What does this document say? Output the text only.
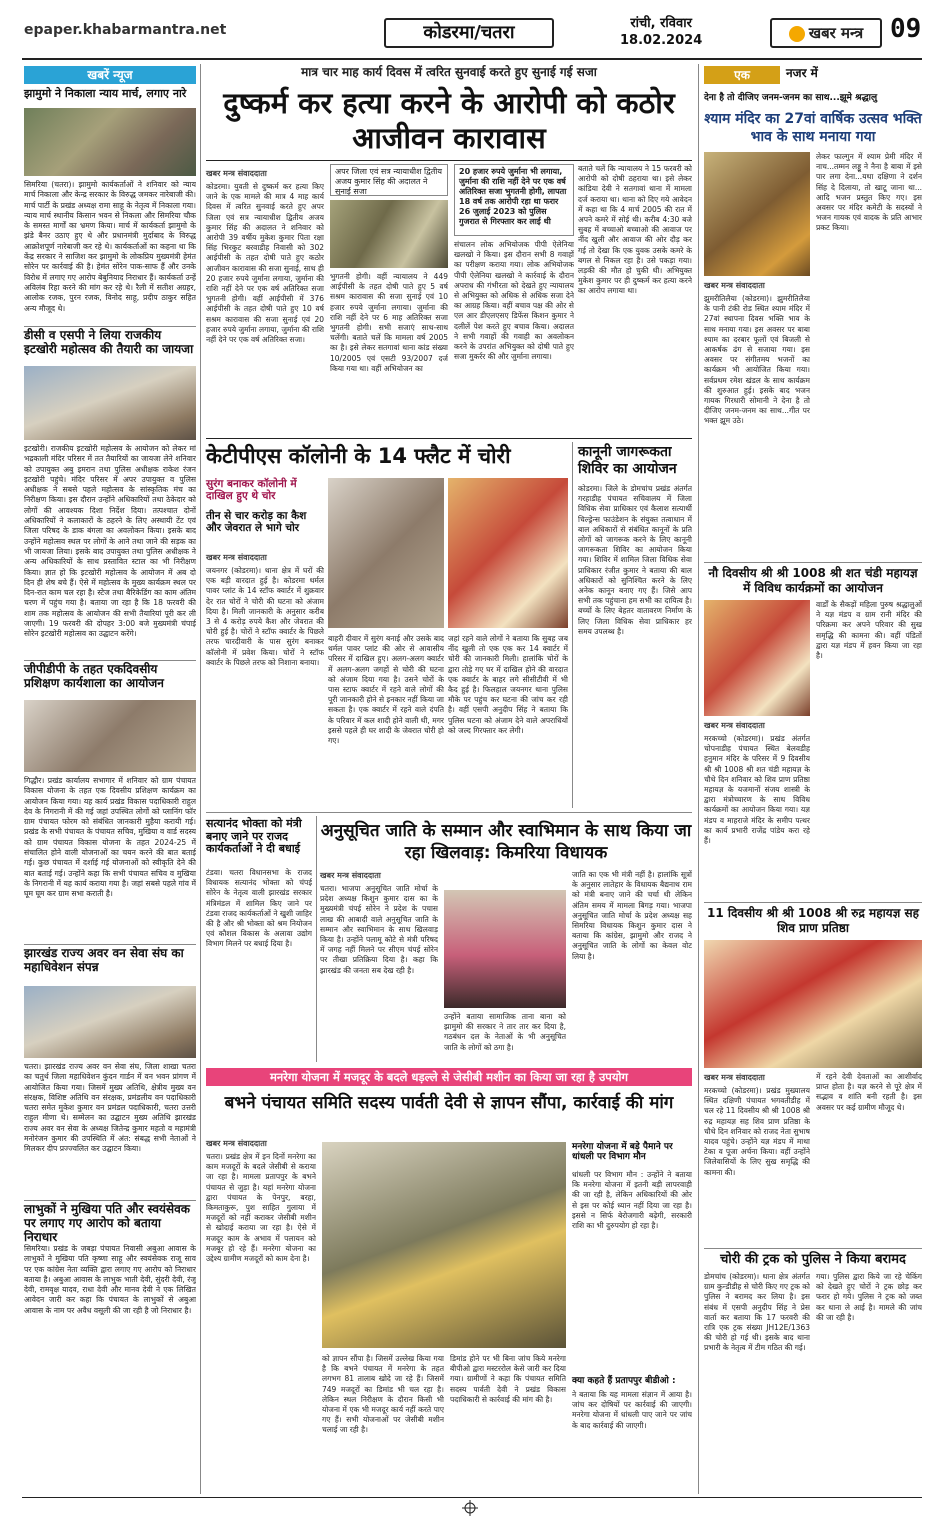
epaper.khabarmantra.net	कोडरमा/चतरा	रांची, रविवार
18.02.2024	खबर मन्त्र	09
खबरें न्यूज
झामुमो ने निकाला न्याय मार्च, लगाए नारे
सिमरिया (चतरा)। झामुमो कार्यकर्ताओं ने शनिवार को न्याय मार्च निकाला और केन्द्र सरकार के विरुद्ध जमकर नारेबाजी की। मार्च पार्टी के प्रखंड अध्यक्ष रामा साहू के नेतृत्व में निकाला गया। न्याय मार्च स्थानीय किसान भवन से निकला और सिमरिया चौक के समस्त मार्गों का भ्रमण किया। मार्च में कार्यकर्ता झामुमो के झंडे बैनर उठाए हुए थे और प्रधानमंत्री मुर्दाबाद के विरुद्ध आक्रोशपूर्ण नारेबाजी कर रहे थे। कार्यकर्ताओं का कहना था कि केंद्र सरकार ने साजिश कर झामुमो के लोकप्रिय मुख्यमंत्री हेमंत सोरेन पर कार्रवाई की है। हेमंत सोरेन पाक-साफ हैं और उनके विरोध में लगाए गए आरोप बेबुनियाद निराधार हैं। कार्यकर्ता उन्हें अविलंब रिहा करने की मांग कर रहे थे। रैली में सतीश अग्रहर, आलोक रजक, पुरन रजक, विनोद साहू, प्रदीप ठाकुर सहित अन्य मौजूद थे।
डीसी व एसपी ने लिया राजकीय इटखोरी महोत्सव की तैयारी का जायजा
इटखोरी। राजकीय इटखोरी महोत्सव के आयोजन को लेकर मां भद्रकाली मंदिर परिसर में तत तैयारियों का जायजा लेने शनिवार को उपायुक्त अबु इमरान तथा पुलिस अधीक्षक राकेश रंजन इटखोरी पहुंचे। मंदिर परिसर में अपर उपायुक्त व पुलिस अधीक्षक ने सबसे पहले महोत्सव के सांस्कृतिक मंच का निरीक्षण किया। इस दौरान उन्होंने अधिकारियों तथा ठेकेदार को लोगों की आवश्यक दिशा निर्देश दिया। तत्पश्चात दोनों अधिकारियों ने कलाकारों के ठहरने के लिए अस्थायी टेंट एवं जिला परिषद के डाक बंगला का अवलोकन किया। इसके बाद उन्होंने महोत्सव स्थल पर लोगों के आने तथा जाने की सड़क का भी जायजा लिया। इसके बाद उपायुक्त तथा पुलिस अधीक्षक ने अन्य अधिकारियों के साथ प्रस्तावित स्टाल का भी निरीक्षण किया। ज्ञात हो कि इटखोरी महोत्सव के आयोजन में अब दो दिन ही शेष बचे हैं। ऐसे में महोत्सव के मुख्य कार्यक्रम स्थल पर दिन-रात काम चल रहा है। स्टेज तथा बैरिकेडिंग का काम अंतिम चरण में पहुंच गया है। बताया जा रहा है कि 18 फरवरी की शाम तक महोत्सव के आयोजन की सभी तैयारियां पूरी कर ली जाएगी। 19 फरवरी की दोपहर 3:00 बजे मुख्यमंत्री चंपाई सोरेन इटखोरी महोत्सव का उद्घाटन करेंगे।
जीपीडीपी के तहत एकदिवसीय प्रशिक्षण कार्यशाला का आयोजन
गिद्धौर। प्रखंड कार्यालय सभागार में शनिवार को ग्राम पंचायत विकास योजना के तहत एक दिवसीय प्रशिक्षण कार्यक्रम का आयोजन किया गया। यह कार्य प्रखंड विकास पदाधिकारी राहुल देव के निगरानी में की गई जहां उपस्थित लोगों को प्लानिंग फॉर ग्राम पंचायत फोरम को संबंधित जानकारी मुहैया करायी गई। प्रखंड के सभी पंचायत के पंचायत सचिव, मुखिया व वार्ड सदस्य को ग्राम पंचायत विकास योजना के तहत 2024-25 में संचालित होने वाली योजनाओं का चयन करने की बात बताई गई। कुछ पंचायत में दर्शाई गई योजनाओं को स्वीकृति देने की बात बताई गई। उन्होंने कहा कि सभी पंचायत सचिव व मुखिया के निगरानी में यह कार्य कराया गया है। जहां सबसे पहले गांव में घूम घूम कर ग्राम सभा कराती है।
झारखंड राज्य अवर वन सेवा संघ का महाधिवेशन संपन्न
चतरा। झारखंड राज्य अवर वन सेवा संघ, जिला शाखा चतरा का चतुर्थ जिला महाधिवेशन कुंदन गार्डन में वन भवन प्रांगण में आयोजित किया गया। जिसमें मुख्य अतिथि, क्षेत्रीय मुख्य वन संरक्षक, विशिष्ट अतिथि वन संरक्षक, प्रमंडलीय वन पदाधिकारी चतरा समेत मुकेश कुमार वन प्रमंडल पदाधिकारी, चतरा उत्तरी राहुल मीणा थे। सम्मेलन का उद्घाटन मुख्य अतिथि झारखंड राज्य अवर वन सेवा के अध्यक्ष जितेन्द्र कुमार महतो व महामंत्री मनोरंजन कुमार की उपस्थिति में अंत: संबद्ध सभी नेताओं ने मिलकर दीप प्रज्ज्वलित कर उद्घाटन किया।
लाभुकों ने मुखिया पति और स्वयंसेवक पर लगाए गए आरोप को बताया निराधार
सिमरिया। प्रखंड के जबड़ा पंचायत निवासी अबुआ आवास के लाभुकों ने मुखिया पति कृष्णा साहू और स्वयंसेवक राजू साव पर एक कांग्रेस नेता व्यक्ति द्वारा लगाए गए आरोप को निराधार बताया है। अबुआ आवास के लाभुक भाती देवी, सुंदरी देवी, रंजू देवी, रामवृक्ष यादव, राधा देवी और मानव देवी ने एक लिखित आवेदन जारी कर कहा कि पंचायत के लाभुकों से अबुआ आवास के नाम पर अवैध वसूली की जा रही है जो निराधार है।
मात्र चार माह कार्य दिवस में त्वरित सुनवाई करते हुए सुनाई गई सजा
दुष्कर्म कर हत्या करने के आरोपी को कठोर आजीवन कारावास
खबर मन्त्र संवाददाता
कोडरमा। युवती से दुष्कर्म कर हत्या किए जाने के एक मामले की मात्र 4 माह कार्य दिवस में त्वरित सुनवाई करते हुए अपर जिला एवं सत्र न्यायाधीश द्वितीय अजय कुमार सिंह की अदालत ने शनिवार को आरोपी 39 वर्षीय मुकेश कुमार पिता रक्षा सिंह भिरकुट बरवाडीह निवासी को 302 आईपीसी के तहत दोषी पाते हुए कठोर आजीवन कारावास की सजा सुनाई, साथ ही 20 हजार रुपये जुर्माना लगाया, जुर्माना की राशि नहीं देने पर एक वर्ष अतिरिक्त सजा भुगतनी होगी। वहीं आईपीसी में 376 आईपीसी के तहत दोषी पाते हुए 10 वर्ष सश्रम कारावास की सजा सुनाई एवं 20 हजार रुपये जुर्माना लगाया, जुर्माना की राशि नहीं देने पर एक वर्ष अतिरिक्त सजा।
अपर जिला एवं सत्र न्यायाधीश द्वितीय अजय कुमार सिंह की अदालत ने सुनाई सजा
भुगतनी होगी। वहीं न्यायालय ने 449 आईपीसी के तहत दोषी पाते हुए 5 वर्ष सश्रम कारावास की सजा सुनाई एवं 10 हजार रुपये जुर्माना लगाया। जुर्माना की राशि नहीं देने पर 6 माह अतिरिक्त सजा भुगतनी होगी। सभी सजाएं साथ-साथ चलेंगी। बताते चलें कि मामला वर्ष 2005 का है। इसे लेकर सतगावां थाना कांड संख्या 10/2005 एवं एसटी 93/2007 दर्ज किया गया था। वहीं अभियोजन का
20 हजार रुपये जुर्माना भी लगाया, जुर्माना की राशि नहीं देने पर एक वर्ष अतिरिक्त सजा भुगतनी होगी, लापता 18 वर्ष तक आरोपी रहा था फरार 26 जुलाई 2023 को पुलिस गुजरात से गिरफ्तार कर लाई थी
संचालन लोक अभियोजक पीपी ऐलेनिया खलखो ने किया। इस दौरान सभी 8 गवाहों का परीक्षण कराया गया। लोक अभियोजक पीपी ऐलेनिया खलखो ने कार्रवाई के दौरान अपराध की गंभीरता को देखते हुए न्यायालय से अभियुक्त को अधिक से अधिक सजा देने का आग्रह किया। वहीं बचाव पक्ष की ओर से एल आर डीएलएसए डिफेंस किशन कुमार ने दलीलें पेश करते हुए बचाव किया। अदालत ने सभी गवाहों की गवाही का अवलोकन करने के उपरांत अभियुक्त को दोषी पाते हुए सजा मुकर्रर की और जुर्माना लगाया।
बताते चलें कि न्यायालय ने 15 फरवरी को आरोपी को दोषी ठहराया था। इसे लेकर कांडिया देवी ने सतगावां थाना में मामला दर्ज कराया था। थाना को दिए गये आवेदन में कहा था कि 4 मार्च 2005 की रात में अपने कमरे में सोई थी। करीब 4:30 बजे सुबह में बच्चाओ बच्चाओ की आवाज पर नींद खुली और आवाज की ओर दौड़ कर गई तो देखा कि एक युवक उसके कमरे के बगल से निकल रहा है। उसे पकड़ा गया। लड़की की मौत हो चुकी थी। अभियुक्त मुकेश कुमार पर ही दुष्कर्म कर हत्या करने का आरोप लगाया था।
केटीपीएस कॉलोनी के 14 फ्लैट में चोरी
सुरंग बनाकर कॉलोनी में दाखिल हुए थे चोर
तीन से चार करोड़ का कैश और जेवरात ले भागे चोर
खबर मन्त्र संवाददाता
जयनगर (कोडरमा)। थाना क्षेत्र में घरों की एक बड़ी वारदात हुई है। कोडरमा थर्मल पावर प्लांट के 14 स्टॉफ क्वार्टर में शुक्रवार देर रात चोरों ने चोरी की घटना को अंजाम दिया है। मिली जानकारी के अनुसार करीब 3 से 4 करोड़ रुपये कैश और जेवरात की चोरी हुई है। चोरों ने स्टॉफ क्वार्टर के पिछले तरफ चारदीवारी के पास सुरंग बनाकर कॉलोनी में प्रवेश किया। चोरों ने स्टॉफ क्वार्टर के पिछले तरफ को निशाना बनाया।
बाहरी दीवार में सुरंग बनाई और उसके बाद थर्मल पावर प्लांट की ओर से आवासीय परिसर में दाखिल हुए। अलग-अलग क्वार्टर में अलग-अलग जगहों से चोरी की घटना को अंजाम दिया गया है। उसने चोरों के पास स्टाफ क्वार्टर में रहने वाले लोगों की पूरी जानकारी होने से इनकार नहीं किया जा सकता है। एक क्वार्टर में रहने वाले दंपति के परिवार में कल शादी होने वाली थी, मगर इससे पहले ही घर शादी के जेवरात चोरी हो गए।
जहां रहने वाले लोगों ने बताया कि सुबह जब नींद खुली तो एक एक कर 14 क्वार्टर में चोरी की जानकारी मिली। हालांकि चोरों के द्वारा तोड़े गए घर में दाखिल होने की वारदात एक क्वार्टर के बाहर लगे सीसीटीवी में भी कैद हुई है। फिलहाल जयनगर थाना पुलिस मौके पर पहुंच कर घटना की जांच कर रही है। वहीं एसपी अनुदीप सिंह ने बताया कि पुलिस घटना को अंजाम देने वाले अपराधियों को जल्द गिरफ्तार कर लेगी।
कानूनी जागरूकता शिविर का आयोजन
कोडरमा। जिले के डोमचांच प्रखंड अंतर्गत गरहाडीह पंचायत सचिवालय में जिला विधिक सेवा प्राधिकार एवं कैलाश सत्यार्थी चिल्ड्रेन्स फाउंडेशन के संयुक्त तत्वाधान में बाल अधिकारों से संबंधित कानूनों के प्रति लोगों को जागरूक करने के लिए कानूनी जागरूकता शिविर का आयोजन किया गया। शिविर में शामिल जिला विधिक सेवा प्राधिकार रंजीत कुमार ने बताया की बाल अधिकारों को सुनिश्चित करने के लिए अनेक कानून बनाए गए हैं। जिसे आप सभी तक पहुंचाना हम सभी का दायित्व है। बच्चों के लिए बेहतर वातावरण निर्माण के लिए जिला विधिक सेवा प्राधिकार हर समय उपलब्ध है।
सत्यानंद भोक्ता को मंत्री बनाए जाने पर राजद कार्यकर्ताओं ने दी बधाई
टंडवा। चतरा विधानसभा के राजद विधायक सत्यानंद भोक्ता को चंपई सोरेन के नेतृत्व वाली झारखंड सरकार मंत्रिमंडल में शामिल किए जाने पर टंडवा राजद कार्यकर्ताओं ने खुशी जाहिर की है और श्री भोक्ता को श्रम नियोजन एवं कौशल विकास के अलावा उद्योग विभाग मिलने पर बधाई दिया है।
अनुसूचित जाति के सम्मान और स्वाभिमान के साथ किया जा रहा खिलवाड़: किमरिया विधायक
खबर मन्त्र संवाददाता
चतरा। भाजपा अनुसूचित जाति मोर्चा के प्रदेश अध्यक्ष किशुन कुमार दास का के मुख्यमंत्री चंपई सोरेन ने प्रदेश के पचास लाख की आबादी वाले अनुसूचित जाति के सम्मान और स्वाभिमान के साथ खिलवाड़ किया है। उन्होंने पलामू कोटे से मंत्री परिषद में जगह नहीं मिलने पर सीएम चंपई सोरेन पर तीखा प्रतिक्रिया दिया है। कहा कि झारखंड की जनता सब देख रही है।
उन्होंने बताया सामाजिक ताना बाना को झामुमो की सरकार ने तार तार कर दिया है, गठबंधन दल के नेताओं के भी अनुसूचित जाति के लोगों को ठगा है।
जाति का एक भी मंत्री नहीं है। हालांकि सूत्रों के अनुसार लातेहार के विधायक बैद्यनाथ राम को मंत्री बनाए जाने की चर्चा थी लेकिन अंतिम समय में मामला बिगड़ गया। भाजपा अनुसूचित जाति मोर्चा के प्रदेश अध्यक्ष सह सिमरिया विधायक किशुन कुमार दास ने बताया कि कांग्रेस, झामुमो और राजद ने अनुसूचित जाति के लोगों का केवल वोट लिया है।
मनरेगा योजना में मजदूर के बदले धड़ल्ले से जेसीबी मशीन का किया जा रहा है उपयोग
बभने पंचायत समिति सदस्य पार्वती देवी से ज्ञापन सौंपा, कार्रवाई की मांग
खबर मन्त्र संवाददाता
चतरा। प्रखंड क्षेत्र में इन दिनों मनरेगा का काम मजदूरों के बदले जेसीबी से कराया जा रहा है। मामला प्रतापपुर के बभने पंचायत से जुड़ा है। यहां मनरेगा योजना द्वारा पंचायत के पेनपुर, बरहा, किमताकुरू, पुश साहित गुलाया में मजदूरों को नहीं कराकर जेसीबी मशीन से खोदाई कराया जा रहा है। ऐसे में मजदूर काम के अभाव में पलायन को मजबूर हो रहे हैं। मनरेगा योजना का उद्देश्य ग्रामीण मजदूरों को काम देना है।
को ज्ञापन सौंपा है। जिसमें उल्लेख किया गया है कि बभने पंचायत में मनरेगा के तहत लगभग 81 तालाब खोदे जा रहे हैं। जिसमें 749 मजदूरों का डिमांड भी चल रहा है। लेकिन स्थल निरीक्षण के दौरान किसी भी योजना में एक भी मजदूर कार्य नहीं करते पाए गए हैं। सभी योजनाओं पर जेसीबी मशीन चलाई जा रही है।
डिमांड होने पर भी बिना जांच किये मनरेगा बीपीओ द्वारा मस्टररोल केसे जारी कर दिया गया। ग्रामीणों ने कहा कि पंचायत समिति सदस्य पार्वती देवी ने प्रखंड विकास पदाधिकारी से कार्रवाई की मांग की है।
मनरेगा योजना में बड़े पैमाने पर धांधली पर विभाग मौन
धांधली पर विभाग मौन : उन्होंने ने बताया कि मनरेगा योजना में इतनी बड़ी लापरवाही की जा रही है, लेकिन अधिकारियों की ओर से इस पर कोई ध्यान नहीं दिया जा रहा है। इससे न सिर्फ बेरोजगारी बढ़ेगी, सरकारी राशि का भी दुरुपयोग हो रहा है।
क्या कहते हैं प्रतापपुर बीडीओ :
ने बताया कि यह मामला संज्ञान में आया है। जांच कर दोषियों पर कार्रवाई की जाएगी। मनरेगा योजना में धांधली पाए जाने पर जांच के बाद कार्रवाई की जाएगी।
एक	नजर में
देना है तो दीजिए जनम-जनम का साथ...झूमे श्रद्धालु
श्याम मंदिर का 27वां वार्षिक उत्सव भक्ति भाव के साथ मनाया गया
खबर मन्त्र संवाददाता
झुमरीतिलैया (कोडरमा)। झुमरीतिलैया के पानी टंकी रोड स्थित श्याम मंदिर में 27वां स्थापना दिवस भक्ति भाव के साथ मनाया गया। इस अवसर पर बाबा श्याम का दरबार फूलों एवं बिजली से आकर्षक ढंग से सजाया गया। इस अवसर पर संगीतमय भजनों का कार्यक्रम भी आयोजित किया गया। सर्वप्रथम रमेश खंडल के साथ कार्यक्रम की शुरुआत हुई। इसके बाद भजन गायक गिरधारी सोमानी ने देना है तो दीजिए जनम-जनम का साथ...गीत पर भक्त झूम उठे।
लेकर फाल्गुन में श्याम प्रेमी मंदिर में नाच...तम्मन लड्डू ने नैना है बाबा में इसे पार लगा देना...यथा दक्षिणा ने दर्शन सिंह दे दिलाया, तो खाटू जाना था... आदि भजन प्रस्तुत किए गए। इस अवसर पर मंदिर कमेटी के सदस्यों ने भजन गायक एवं वादक के प्रति आभार प्रकट किया।
नौ दिवसीय श्री श्री 1008 श्री शत चंडी महायज्ञ में विविध कार्यक्रमों का आयोजन
खबर मन्त्र संवाददाता
मरकच्चो (कोडरमा)। प्रखंड अंतर्गत चोपनाडीह पंचायत स्थित बेलवडीह हनुमान मंदिर के परिसर में 9 दिवसीय श्री श्री 1008 श्री शत चंडी महायज्ञ के चौथे दिन शनिवार को शिव प्राण प्रतिष्ठा महायज्ञ के यजमानों संजय शास्त्री के द्वारा मंत्रोच्चारण के साथ विविध कार्यक्रमों का आयोजन किया गया। यज्ञ मंडप व माहराजे मंदिर के समीप पत्थर का कार्य प्रभारी राजेंद्र पांडेय करा रहे हैं।
वार्डों के सैकड़ों महिला पुरुष श्रद्धालुओं ने यज्ञ मंडप व ग्राम रानी मंदिर की परिक्रमा कर अपने परिवार की सुख समृद्धि की कामना की। वहीं पंडितों द्वारा यज्ञ मंडप में हवन किया जा रहा है।
11 दिवसीय श्री श्री 1008 श्री रुद्र महायज्ञ सह शिव प्राण प्रतिष्ठा
खबर मन्त्र संवाददाता
मरकच्चो (कोडरमा)। प्रखंड मुख्यालय स्थित दक्षिणी पंचायत भगवतीडीह में चल रहे 11 दिवसीय श्री श्री 1008 श्री रुद्र महायज्ञ सह शिव प्राण प्रतिष्ठा के चौथे दिन शनिवार को राजद नेता सुभाष यादव पहुंचे। उन्होंने यज्ञ मंडप में माथा टेका व पूजा अर्चना किया। वहीं उन्होंने जिलेवासियों के लिए सुख समृद्धि की कामना की।
में रहने देवी देवताओं का आशीर्वाद प्राप्त होता है। यज्ञ करने से पूरे क्षेत्र में सद्भाव व शांति बनी रहती है। इस अवसर पर कई ग्रामीण मौजूद थे।
चोरी की ट्रक को पुलिस ने किया बरामद
डोमचांच (कोडरमा)। थाना क्षेत्र अंतर्गत ग्राम कुन्डीडीह से चोरी किए गए ट्रक को पुलिस ने बरामद कर लिया है। इस संबंध में एसपी अनुदीप सिंह ने प्रेस वार्ता कर बताया कि 17 फरवरी की रात्रि एक ट्रक संख्या JH12E/1363 की चोरी हो गई थी। इसके बाद थाना प्रभारी के नेतृत्व में टीम गठित की गई।
गया। पुलिस द्वारा किये जा रहे चेकिंग को देखते हुए चोरों ने ट्रक छोड़ कर फरार हो गये। पुलिस ने ट्रक को जब्त कर थाना ले आई है। मामले की जांच की जा रही है।
